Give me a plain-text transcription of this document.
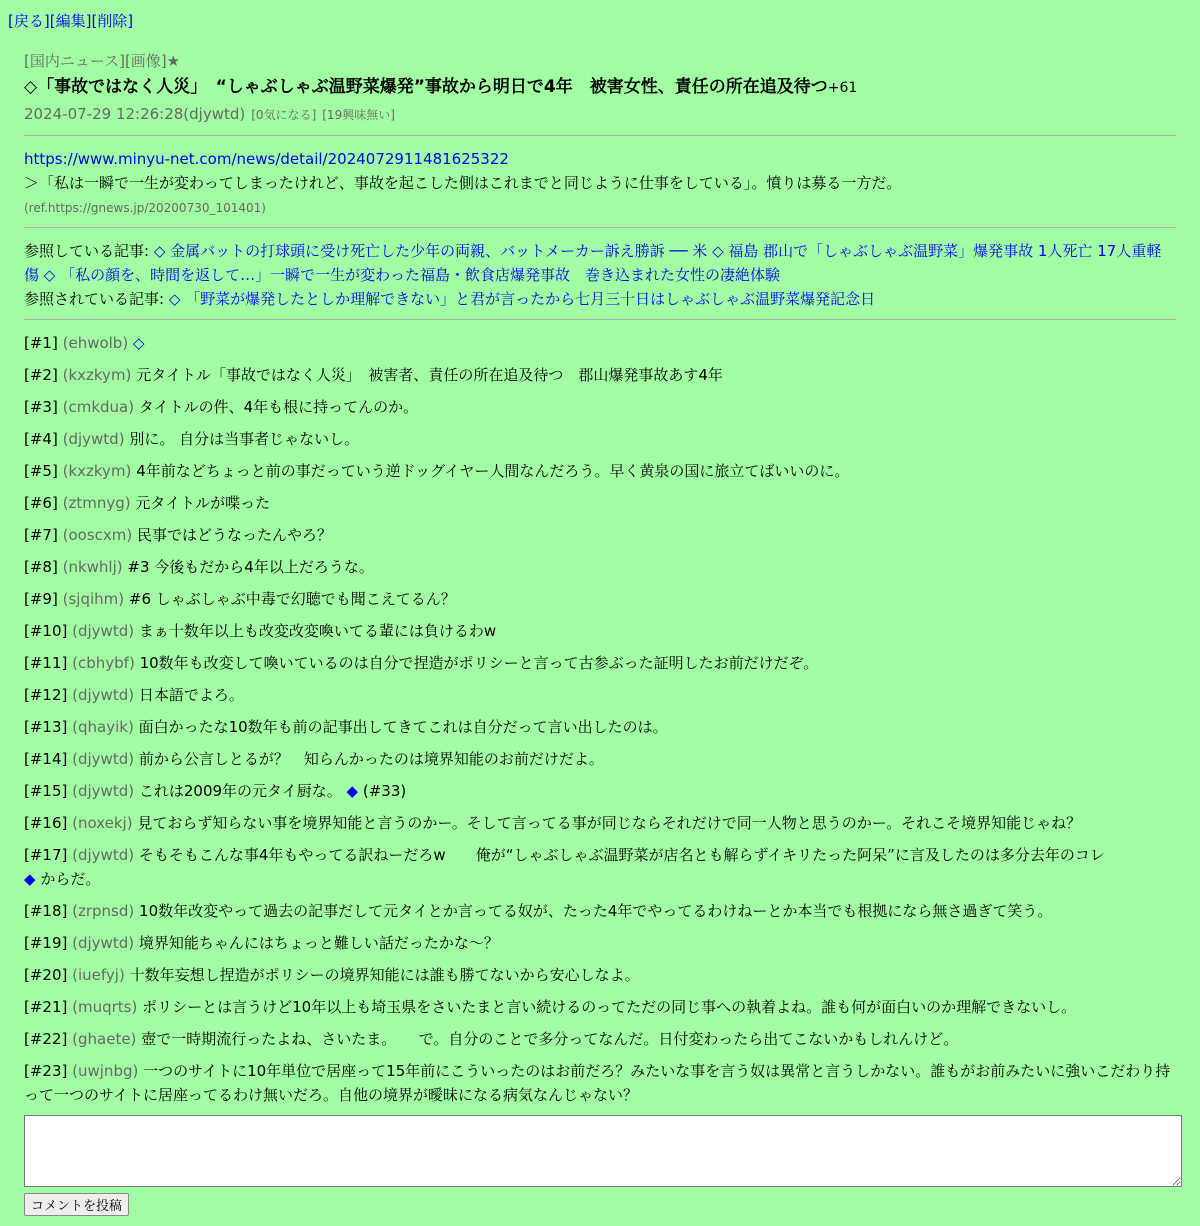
[戻る][編集][削除]
[国内ニュース][画像]★
◇「事故ではなく人災」　“しゃぶしゃぶ温野菜爆発”事故から明日で4年　被害女性、責任の所在追及待つ+61
2024-07-29 12:26:28(djywtd) [0気になる] [19興味無い]
https://www.minyu-net.com/news/detail/2024072911481625322
＞「私は一瞬で一生が変わってしまったけれど、事故を起こした側はこれまでと同じように仕事をしている」。憤りは募る一方だ。
(ref.https://gnews.jp/20200730_101401)
参照している記事: ◇ 金属バットの打球頭に受け死亡した少年の両親、バットメーカー訴え勝訴 ── 米 ◇ 福島 郡山で「しゃぶしゃぶ温野菜」爆発事故 1人死亡 17人重軽傷 ◇ 「私の顔を、時間を返して…」一瞬で一生が変わった福島・飲食店爆発事故　巻き込まれた女性の凄絶体験
参照されている記事: ◇ 「野菜が爆発したとしか理解できない」と君が言ったから七月三十日はしゃぶしゃぶ温野菜爆発記念日
[#1] (ehwolb) ◇
[#2] (kxzkym) 元タイトル「事故ではなく人災」　被害者、責任の所在追及待つ　郡山爆発事故あす4年
[#3] (cmkdua) タイトルの件、4年も根に持ってんのか。
[#4] (djywtd) 別に。 自分は当事者じゃないし。
[#5] (kxzkym) 4年前などちょっと前の事だっていう逆ドッグイヤー人間なんだろう。早く黄泉の国に旅立てばいいのに。
[#6] (ztmnyg) 元タイトルが喋った
[#7] (ooscxm) 民事ではどうなったんやろ？
[#8] (nkwhlj) #3 今後もだから4年以上だろうな。
[#9] (sjqihm) #6 しゃぶしゃぶ中毒で幻聴でも聞こえてるん？
[#10] (djywtd) まぁ十数年以上も改変改変喚いてる輩には負けるわw
[#11] (cbhybf) 10数年も改変して喚いているのは自分で捏造がポリシーと言って古参ぶった証明したお前だけだぞ。
[#12] (djywtd) 日本語でよろ。
[#13] (qhayik) 面白かったな10数年も前の記事出してきてこれは自分だって言い出したのは。
[#14] (djywtd) 前から公言しとるが？　知らんかったのは境界知能のお前だけだよ。
[#15] (djywtd) これは2009年の元タイ厨な。 ◆ (#33)
[#16] (noxekj) 見ておらず知らない事を境界知能と言うのかー。そして言ってる事が同じならそれだけで同一人物と思うのかー。それこそ境界知能じゃね？
[#17] (djywtd) そもそもこんな事4年もやってる訳ねーだろw　　俺が“しゃぶしゃぶ温野菜が店名とも解らずイキリたった阿呆”に言及したのは多分去年のコレ
◆ からだ。
[#18] (zrpnsd) 10数年改変やって過去の記事だして元タイとか言ってる奴が、たった4年でやってるわけねーとか本当でも根拠になら無さ過ぎて笑う。
[#19] (djywtd) 境界知能ちゃんにはちょっと難しい話だったかな～？
[#20] (iuefyj) 十数年妄想し捏造がポリシーの境界知能には誰も勝てないから安心しなよ。
[#21] (muqrts) ポリシーとは言うけど10年以上も埼玉県をさいたまと言い続けるのってただの同じ事への執着よね。誰も何が面白いのか理解できないし。
[#22] (ghaete) 壺で一時期流行ったよね、さいたま。　　で。自分のことで多分ってなんだ。日付変わったら出てこないかもしれんけど。
[#23] (uwjnbg) 一つのサイトに10年単位で居座って15年前にこういったのはお前だろ？みたいな事を言う奴は異常と言うしかない。誰もがお前みたいに強いこだわり持って一つのサイトに居座ってるわけ無いだろ。自他の境界が曖昧になる病気なんじゃない？
コメントを投稿
